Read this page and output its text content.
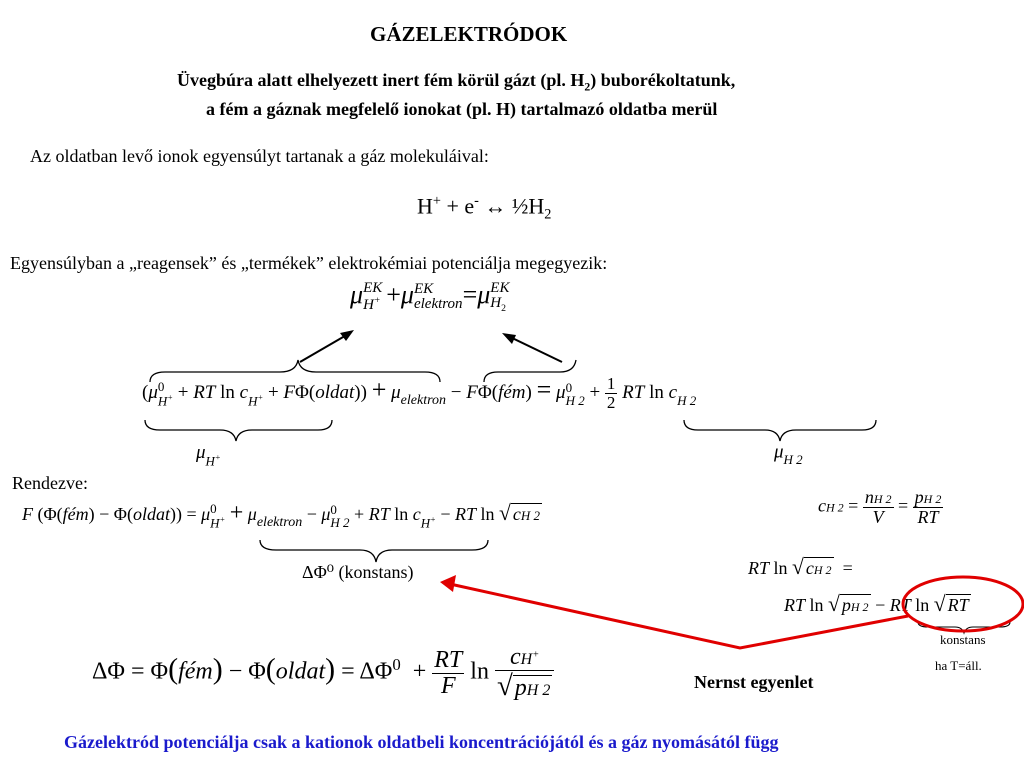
GÁZELEKTRÓDOK
Üvegbúra alatt elhelyezett inert fém körül gázt (pl. $H_2$) buborékoltatunk,
a fém a gáznak megfelelő ionokat (pl. H) tartalmazó oldatba merül
Az oldatban levő ionok egyensúlyt tartanak a gáz molekuláival:
H+ + e- ↔ $\frac{1}{2}H_2$
Egyensúlyban a „reagensek” és „termékek” elektrokémiai potenciálja megegyezik:
μ EK
H+ +μ EK
elektron =μ EK
$H_2$
(μ 0
H+ + RT ln c
H+ + FΦ(oldat)) + μ
elektron − FΦ(fém) = μ 0
H $2 + \frac{1}{2}$ RT ln c
H 2
μ
H+	μ
H 2
Rendezve:
F (Φ(fém) − Φ(oldat)) = μ 0
H+ + μ
elektron − μ 0
H 2 + RT ln c
H+ − RT ln √ cH 2
ΔΦ⁰ (konstans)
cH $2 = \frac{nH 2}{V} = \frac{pH 2}{RT}$
RT ln √ cH 2  =
RT ln √ pH 2 − RT ln √ RT
konstans
ha T=áll.
ΔΦ = Φ(fém) − Φ(oldat) = $\Delta\Phi^0 + \frac{RT}{F}$ $\ln \frac{cH^+}{√pH 2}$	Nernst egyenlet
Gázelektród potenciálja csak a kationok oldatbeli koncentrációjától és a gáz nyomásától függ
